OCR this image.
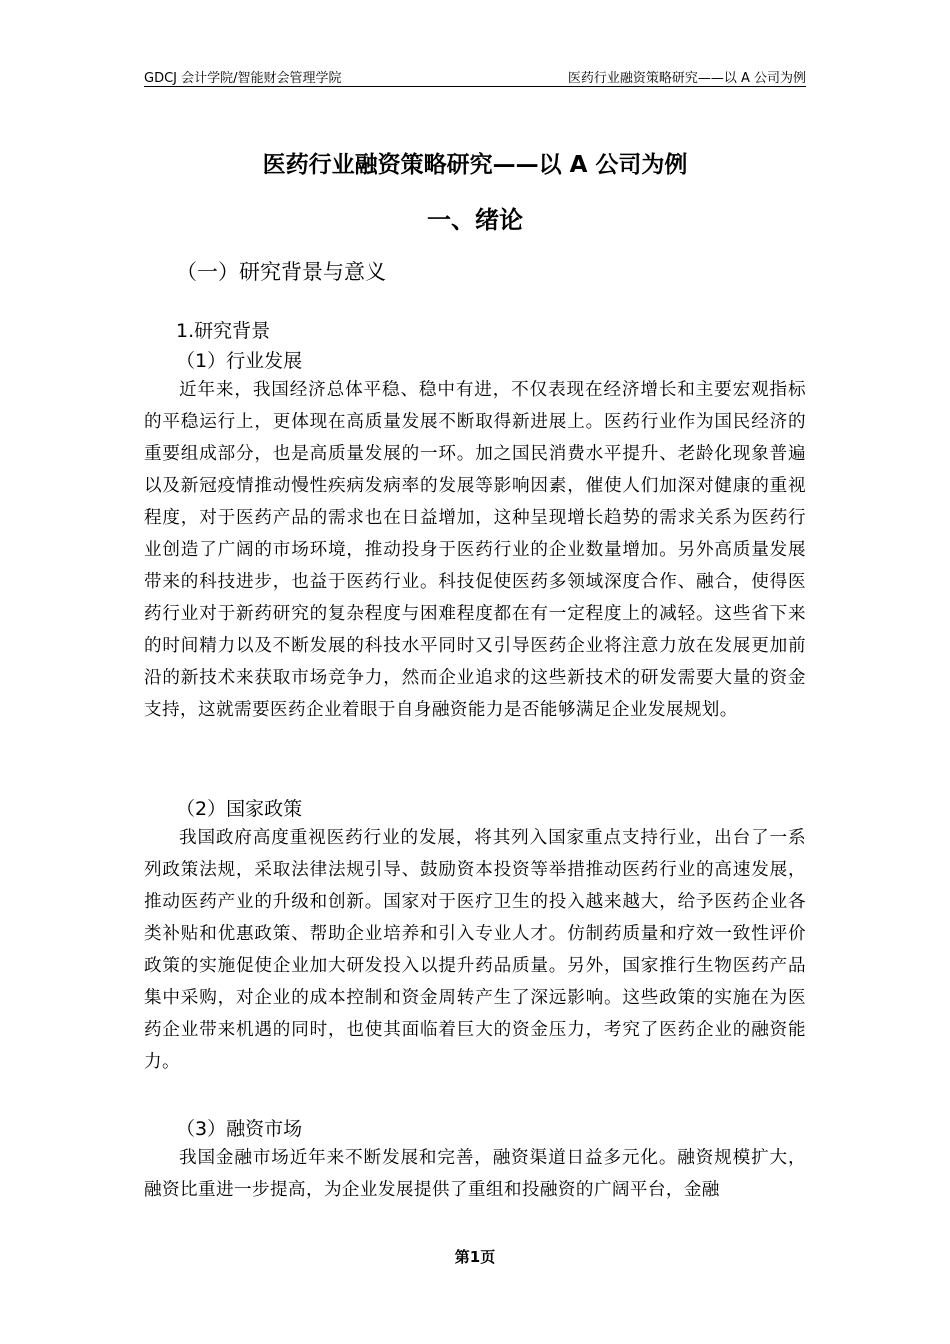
GDCJ 会计学院/智能财会管理学院	医药行业融资策略研究——以 A 公司为例
医药行业融资策略研究——以 A 公司为例
一、绪论
（一）研究背景与意义
1.研究背景
（1）行业发展

近年来，我国经济总体平稳、稳中有进，不仅表现在经济增长和主要宏观指标的平稳运行上，更体现在高质量发展不断取得新进展上。医药行业作为国民经济的重要组成部分，也是高质量发展的一环。加之国民消费水平提升、老龄化现象普遍以及新冠疫情推动慢性疾病发病率的发展等影响因素，催使人们加深对健康的重视程度，对于医药产品的需求也在日益增加，这种呈现增长趋势的需求关系为医药行业创造了广阔的市场环境，推动投身于医药行业的企业数量增加。另外高质量发展带来的科技进步，也益于医药行业。科技促使医药多领域深度合作、融合，使得医药行业对于新药研究的复杂程度与困难程度都在有一定程度上的减轻。这些省下来的时间精力以及不断发展的科技水平同时又引导医药企业将注意力放在发展更加前沿的新技术来获取市场竞争力，然而企业追求的这些新技术的研发需要大量的资金支持，这就需要医药企业着眼于自身融资能力是否能够满足企业发展规划。

（2）国家政策

我国政府高度重视医药行业的发展，将其列入国家重点支持行业，出台了一系列政策法规，采取法律法规引导、鼓励资本投资等举措推动医药行业的高速发展，推动医药产业的升级和创新。国家对于医疗卫生的投入越来越大，给予医药企业各类补贴和优惠政策、帮助企业培养和引入专业人才。仿制药质量和疗效一致性评价政策的实施促使企业加大研发投入以提升药品质量。另外，国家推行生物医药产品集中采购，对企业的成本控制和资金周转产生了深远影响。这些政策的实施在为医药企业带来机遇的同时，也使其面临着巨大的资金压力，考究了医药企业的融资能力。

（3）融资市场

我国金融市场近年来不断发展和完善，融资渠道日益多元化。融资规模扩大，融资比重进一步提高，为企业发展提供了重组和投融资的广阔平台，金融

第1页
